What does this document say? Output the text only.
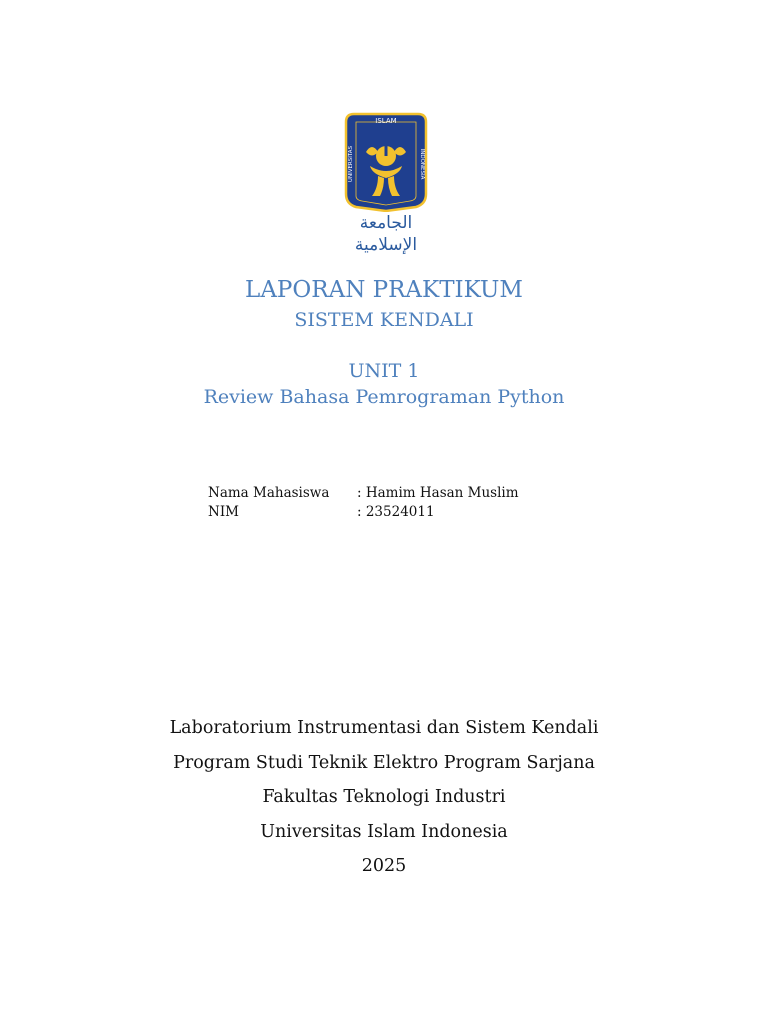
ISLAM
UNIVERSITAS	INDONESIA
الجامعة الإسلامية
LAPORAN PRAKTIKUM
SISTEM KENDALI
UNIT 1
Review Bahasa Pemrograman Python
Nama Mahasiswa : Hamim Hasan Muslim
NIM	: 23524011
Laboratorium Instrumentasi dan Sistem Kendali
Program Studi Teknik Elektro Program Sarjana
Fakultas Teknologi Industri
Universitas Islam Indonesia
2025
